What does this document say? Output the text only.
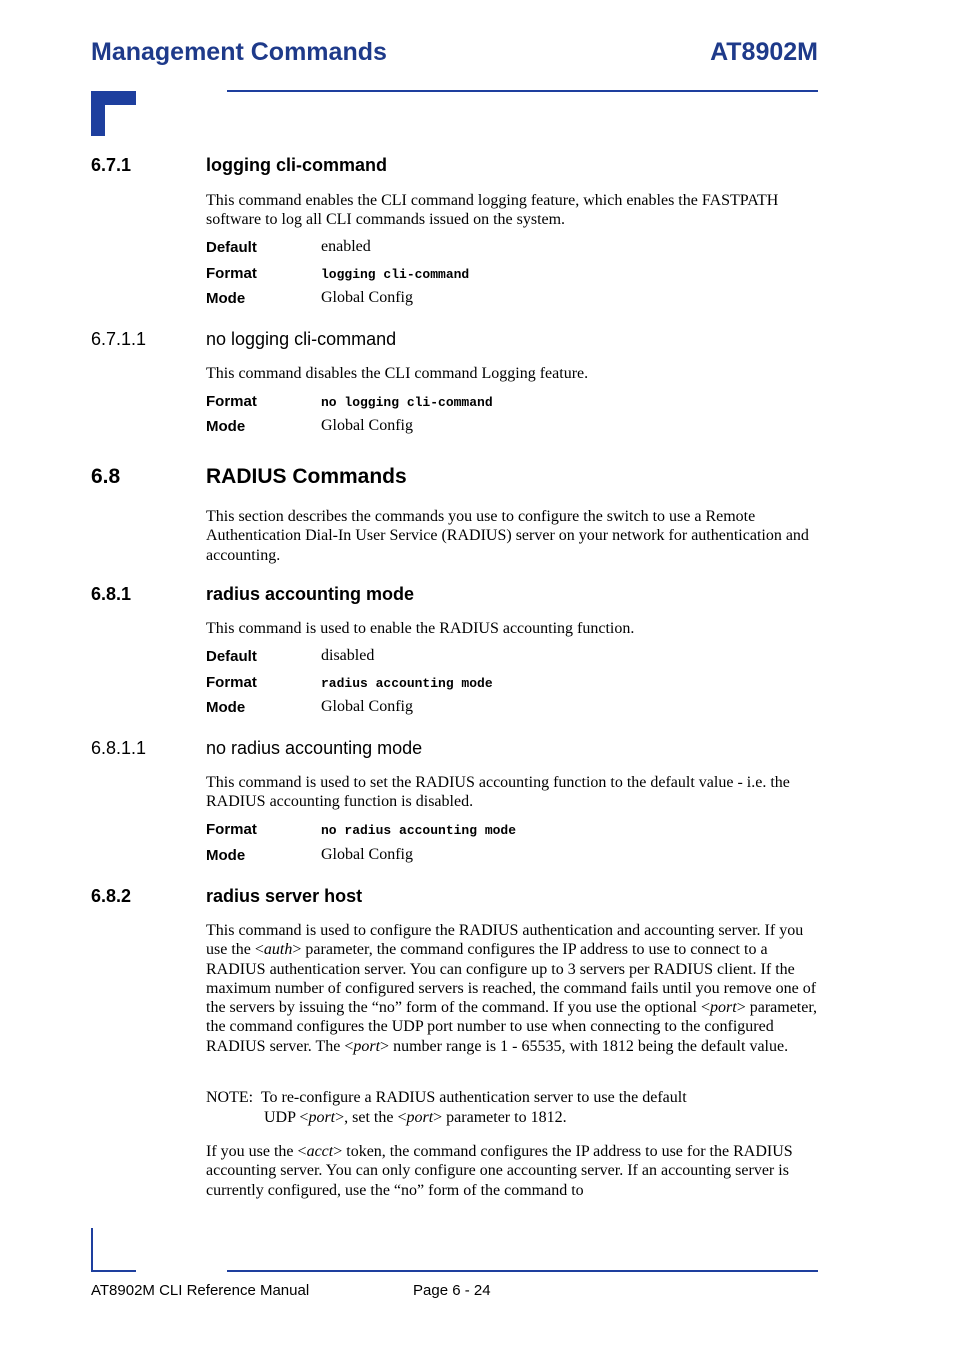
Management Commands	AT8902M
6.7.1	logging cli-command
This command enables the CLI command logging feature, which enables the FASTPATH software to log all CLI commands issued on the system.
Default	enabled
Format	logging cli-command
Mode	Global Config
6.7.1.1	no logging cli-command
This command disables the CLI command Logging feature.
Format	no logging cli-command
Mode	Global Config
6.8	RADIUS Commands
This section describes the commands you use to configure the switch to use a Remote Authentication Dial-In User Service (RADIUS) server on your network for authentication and accounting.
6.8.1	radius accounting mode
This command is used to enable the RADIUS accounting function.
Default	disabled
Format	radius accounting mode
Mode	Global Config
6.8.1.1	no radius accounting mode
This command is used to set the RADIUS accounting function to the default value - i.e. the RADIUS accounting function is disabled.
Format	no radius accounting mode
Mode	Global Config
6.8.2	radius server host
This command is used to configure the RADIUS authentication and accounting server. If you use the <auth> parameter, the command configures the IP address to use to connect to a RADIUS authentication server. You can configure up to 3 servers per RADIUS client. If the maximum number of configured servers is reached, the command fails until you remove one of the servers by issuing the “no” form of the command. If you use the optional <port> parameter, the command configures the UDP port number to use when connecting to the configured RADIUS server. The <port> number range is 1 - 65535, with 1812 being the default value.
NOTE: To re-configure a RADIUS authentication server to use the default
UDP <port>, set the <port> parameter to 1812.
If you use the <acct> token, the command configures the IP address to use for the RADIUS accounting server. You can only configure one accounting server. If an accounting server is currently configured, use the “no” form of the command to
AT8902M CLI Reference Manual	Page 6 - 24
